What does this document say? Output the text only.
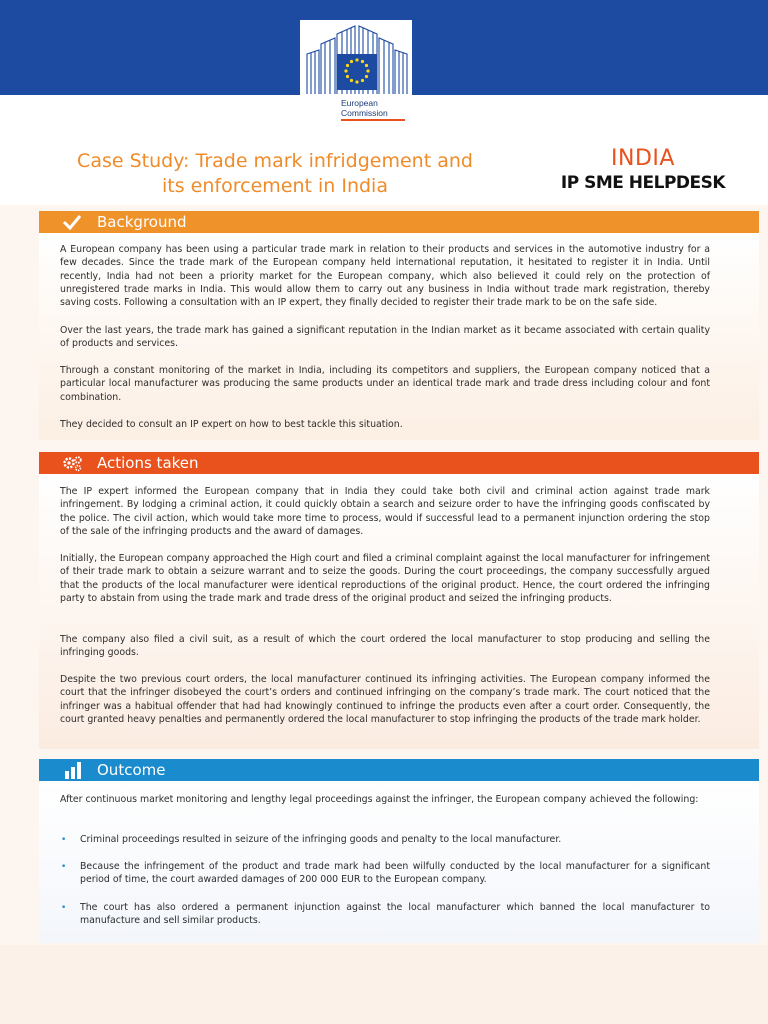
European
Commission
Case Study: Trade mark infridgement and
its enforcement in India
INDIA
IP SME HELPDESK
Background

A European company has been using a particular trade mark in relation to their products and services in the automotive industry for a few decades. Since the trade mark of the European company held international reputation, it hesitated to register it in India. Until recently, India had not been a priority market for the European company, which also believed it could rely on the protection of unregistered trade marks in India. This would allow them to carry out any business in India without trade mark registration, thereby saving costs. Following a consultation with an IP expert, they finally decided to register their trade mark to be on the safe side.

Over the last years, the trade mark has gained a significant reputation in the Indian market as it became associated with certain quality of products and services.

Through a constant monitoring of the market in India, including its competitors and suppliers, the European company noticed that a particular local manufacturer was producing the same products under an identical trade mark and trade dress including colour and font combination.

They decided to consult an IP expert on how to best tackle this situation.

Actions taken

The IP expert informed the European company that in India they could take both civil and criminal action against trade mark infringement. By lodging a criminal action, it could quickly obtain a search and seizure order to have the infringing goods confiscated by the police. The civil action, which would take more time to process, would if successful lead to a permanent injunction ordering the stop of the sale of the infringing products and the award of damages.

Initially, the European company approached the High court and filed a criminal complaint against the local manufacturer for infringement of their trade mark to obtain a seizure warrant and to seize the goods. During the court proceedings, the company successfully argued that the products of the local manufacturer were identical reproductions of the original product. Hence, the court ordered the infringing party to abstain from using the trade mark and trade dress of the original product and seized the infringing products.

The company also filed a civil suit, as a result of which the court ordered the local manufacturer to stop producing and selling the infringing goods.

Despite the two previous court orders, the local manufacturer continued its infringing activities. The European company informed the court that the infringer disobeyed the court’s orders and continued infringing on the company’s trade mark. The court noticed that the infringer was a habitual offender that had had knowingly continued to infringe the products even after a court order. Consequently, the court granted heavy penalties and permanently ordered the local manufacturer to stop infringing the products of the trade mark holder.

Outcome

After continuous market monitoring and lengthy legal proceedings against the infringer, the European company achieved the following:

• Criminal proceedings resulted in seizure of the infringing goods and penalty to the local manufacturer.

• Because the infringement of the product and trade mark had been wilfully conducted by the local manufacturer for a significant period of time, the court awarded damages of 200 000 EUR to the European company.

• The court has also ordered a permanent injunction against the local manufacturer which banned the local manufacturer to manufacture and sell similar products.
